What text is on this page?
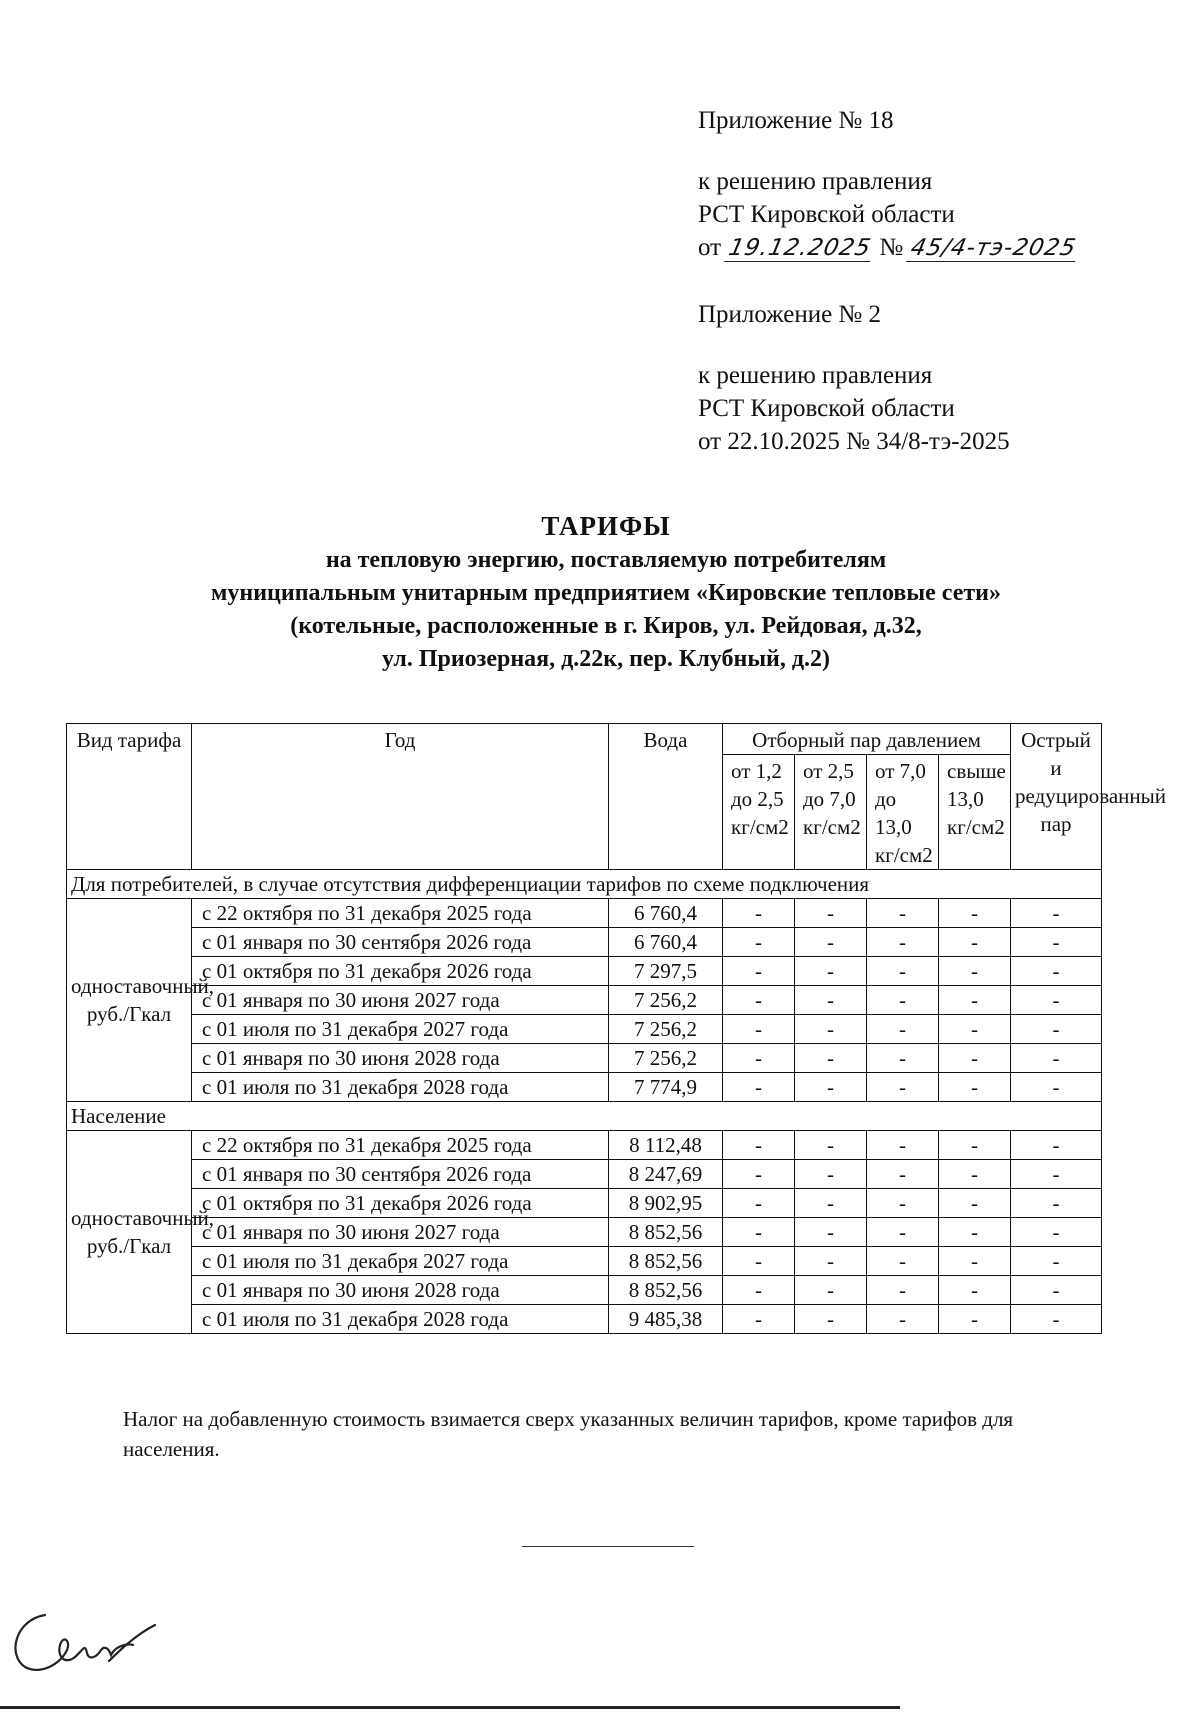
Приложение № 18
к решению правления
РСТ Кировской области
от 19.12.2025 № 45/4-тэ-2025
Приложение № 2
к решению правления
РСТ Кировской области
от 22.10.2025 № 34/8-тэ-2025
ТАРИФЫ
на тепловую энергию, поставляемую потребителям
муниципальным унитарным предприятием «Кировские тепловые сети»
(котельные, расположенные в г. Киров, ул. Рейдовая, д.32,
ул. Приозерная, д.22к, пер. Клубный, д.2)
Вид тарифа	Год	Вода	Отборный пар давлением				Острый и редуцированный пар
			от 1,2 до 2,5 кг/см2	от 2,5 до 7,0 кг/см2	от 7,0 до 13,0 кг/см2	свыше 13,0 кг/см2	
Для потребителей, в случае отсутствия дифференциации тарифов по схеме подключения							
одноставочный, руб./Гкал	с 22 октября по 31 декабря 2025 года	6 760,4	-	-	-	-	-
	с 01 января по 30 сентября 2026 года	6 760,4	-	-	-	-	-
	с 01 октября по 31 декабря 2026 года	7 297,5	-	-	-	-	-
	с 01 января по 30 июня 2027 года	7 256,2	-	-	-	-	-
	с 01 июля по 31 декабря 2027 года	7 256,2	-	-	-	-	-
	с 01 января по 30 июня 2028 года	7 256,2	-	-	-	-	-
	с 01 июля по 31 декабря 2028 года	7 774,9	-	-	-	-	-
Население							
одноставочный, руб./Гкал	с 22 октября по 31 декабря 2025 года	8 112,48	-	-	-	-	-
	с 01 января по 30 сентября 2026 года	8 247,69	-	-	-	-	-
	с 01 октября по 31 декабря 2026 года	8 902,95	-	-	-	-	-
	с 01 января по 30 июня 2027 года	8 852,56	-	-	-	-	-
	с 01 июля по 31 декабря 2027 года	8 852,56	-	-	-	-	-
	с 01 января по 30 июня 2028 года	8 852,56	-	-	-	-	-
	с 01 июля по 31 декабря 2028 года	9 485,38	-	-	-	-	-
Налог на добавленную стоимость взимается сверх указанных величин тарифов, кроме тарифов для населения.
